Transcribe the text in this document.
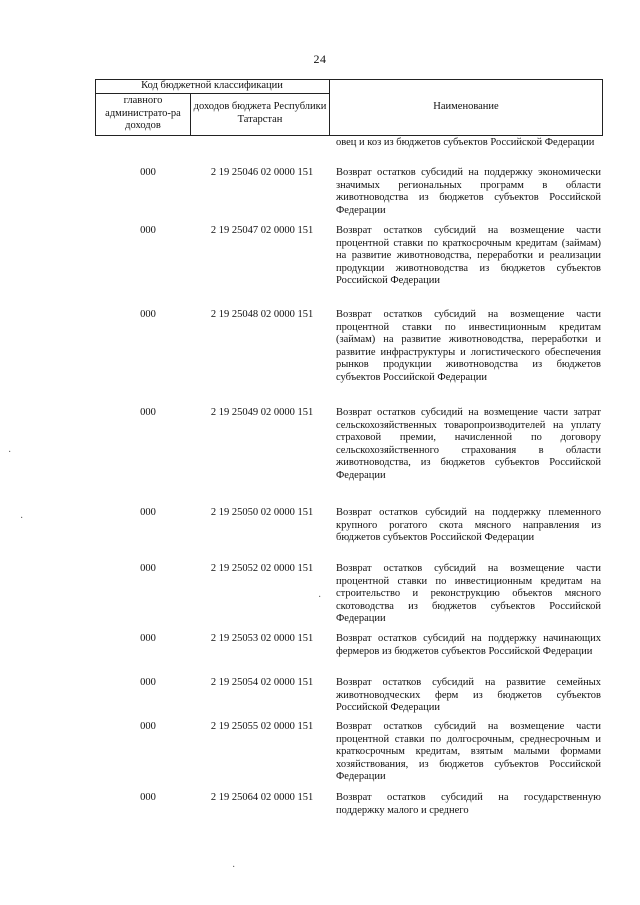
24
Код бюджетной классификации
главного администрато-ра доходов
доходов бюджета Республики Татарстан
Наименование
овец и коз из бюджетов субъектов Российской Федерации
000	2 19 25046 02 0000 151	Возврат остатков субсидий на поддержку экономически значимых региональных программ в области животноводства из бюджетов субъектов Российской Федерации
000	2 19 25047 02 0000 151	Возврат остатков субсидий на возмещение части процентной ставки по краткосрочным кредитам (займам) на развитие животноводства, переработки и реализации продукции животноводства из бюджетов субъектов Российской Федерации
000	2 19 25048 02 0000 151	Возврат остатков субсидий на возмещение части процентной ставки по инвестиционным кредитам (займам) на развитие животноводства, переработки и развитие инфраструктуры и логистического обеспечения рынков продукции животноводства из бюджетов субъектов Российской Федерации
000	2 19 25049 02 0000 151	Возврат остатков субсидий на возмещение части затрат сельскохозяйственных товаропроизводителей на уплату страховой премии, начисленной по договору сельскохозяйственного страхования в области животноводства, из бюджетов субъектов Российской Федерации
000	2 19 25050 02 0000 151	Возврат остатков субсидий на поддержку племенного крупного рогатого скота мясного направления из бюджетов субъектов Российской Федерации
000	2 19 25052 02 0000 151	Возврат остатков субсидий на возмещение части процентной ставки по инвестиционным кредитам на строительство и реконструкцию объектов мясного скотоводства из бюджетов субъектов Российской Федерации
000	2 19 25053 02 0000 151	Возврат остатков субсидий на поддержку начинающих фермеров из бюджетов субъектов Российской Федерации
000	2 19 25054 02 0000 151	Возврат остатков субсидий на развитие семейных животноводческих ферм из бюджетов субъектов Российской Федерации
000	2 19 25055 02 0000 151	Возврат остатков субсидий на возмещение части процентной ставки по долгосрочным, среднесрочным и краткосрочным кредитам, взятым малыми формами хозяйствования, из бюджетов субъектов Российской Федерации
000	2 19 25064 02 0000 151	Возврат остатков субсидий на государственную поддержку малого и среднего
·
·
·
·
